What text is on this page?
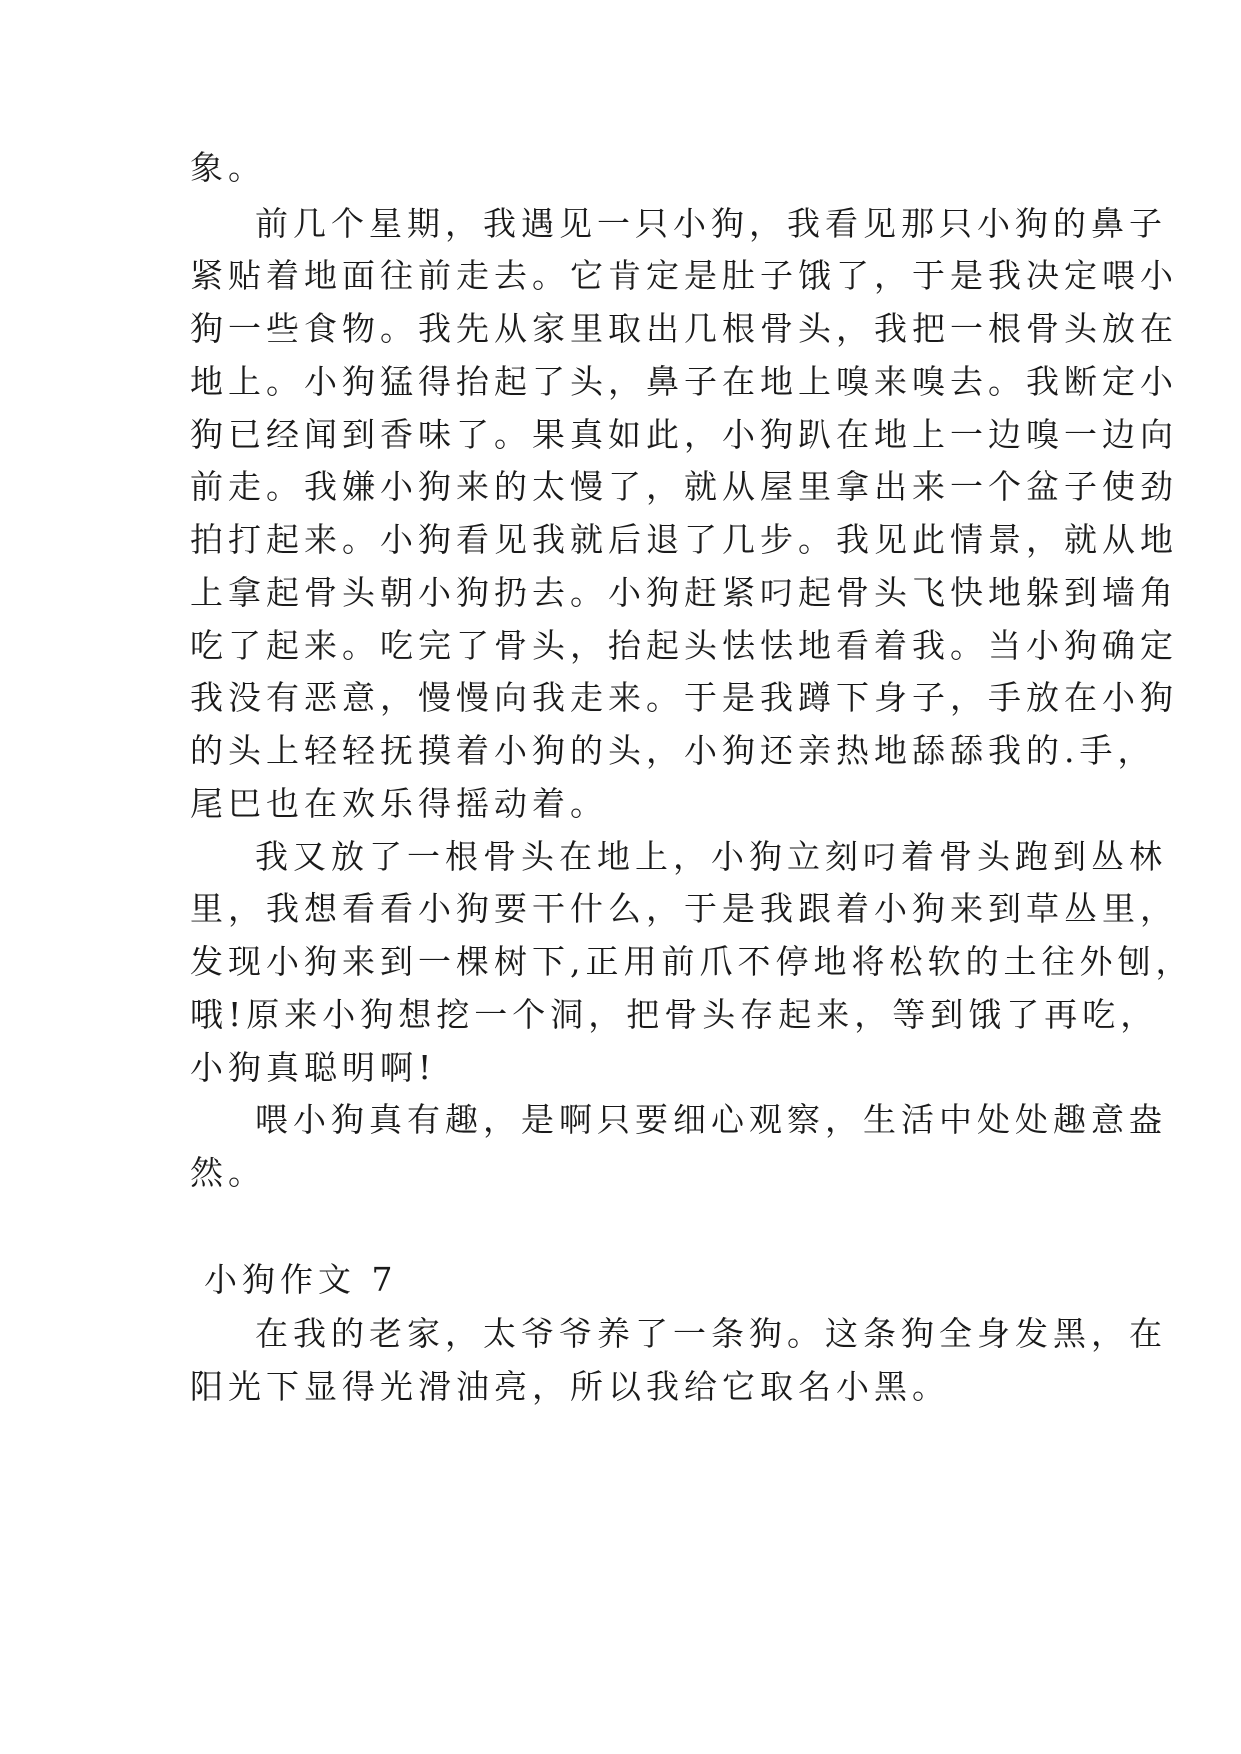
象。
前几个星期，我遇见一只小狗，我看见那只小狗的鼻子
紧贴着地面往前走去。它肯定是肚子饿了，于是我决定喂小
狗一些食物。我先从家里取出几根骨头，我把一根骨头放在
地上。小狗猛得抬起了头，鼻子在地上嗅来嗅去。我断定小
狗已经闻到香味了。果真如此，小狗趴在地上一边嗅一边向
前走。我嫌小狗来的太慢了，就从屋里拿出来一个盆子使劲
拍打起来。小狗看见我就后退了几步。我见此情景，就从地
上拿起骨头朝小狗扔去。小狗赶紧叼起骨头飞快地躲到墙角
吃了起来。吃完了骨头，抬起头怯怯地看着我。当小狗确定
我没有恶意，慢慢向我走来。于是我蹲下身子，手放在小狗
的头上轻轻抚摸着小狗的头，小狗还亲热地舔舔我的.手，
尾巴也在欢乐得摇动着。
我又放了一根骨头在地上，小狗立刻叼着骨头跑到丛林
里，我想看看小狗要干什么，于是我跟着小狗来到草丛里，
发现小狗来到一棵树下,正用前爪不停地将松软的土往外刨，
哦!原来小狗想挖一个洞，把骨头存起来，等到饿了再吃，
小狗真聪明啊!
喂小狗真有趣，是啊只要细心观察，生活中处处趣意盎
然。
小狗作文 7
在我的老家，太爷爷养了一条狗。这条狗全身发黑，在
阳光下显得光滑油亮，所以我给它取名小黑。
